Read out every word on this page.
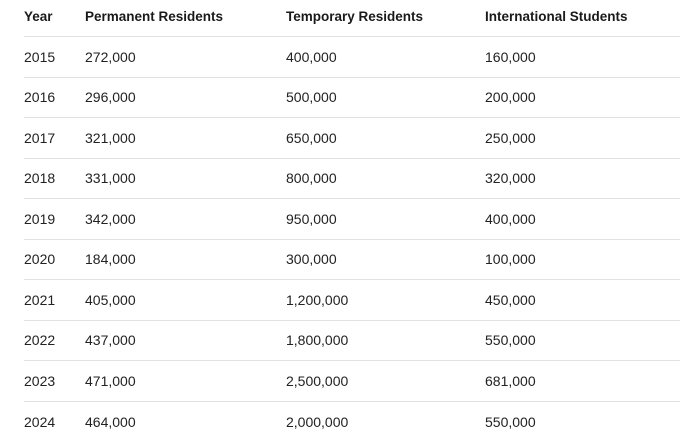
Year	Permanent Residents	Temporary Residents	International Students
2015	272,000	400,000	160,000
2016	296,000	500,000	200,000
2017	321,000	650,000	250,000
2018	331,000	800,000	320,000
2019	342,000	950,000	400,000
2020	184,000	300,000	100,000
2021	405,000	1,200,000	450,000
2022	437,000	1,800,000	550,000
2023	471,000	2,500,000	681,000
2024	464,000	2,000,000	550,000
